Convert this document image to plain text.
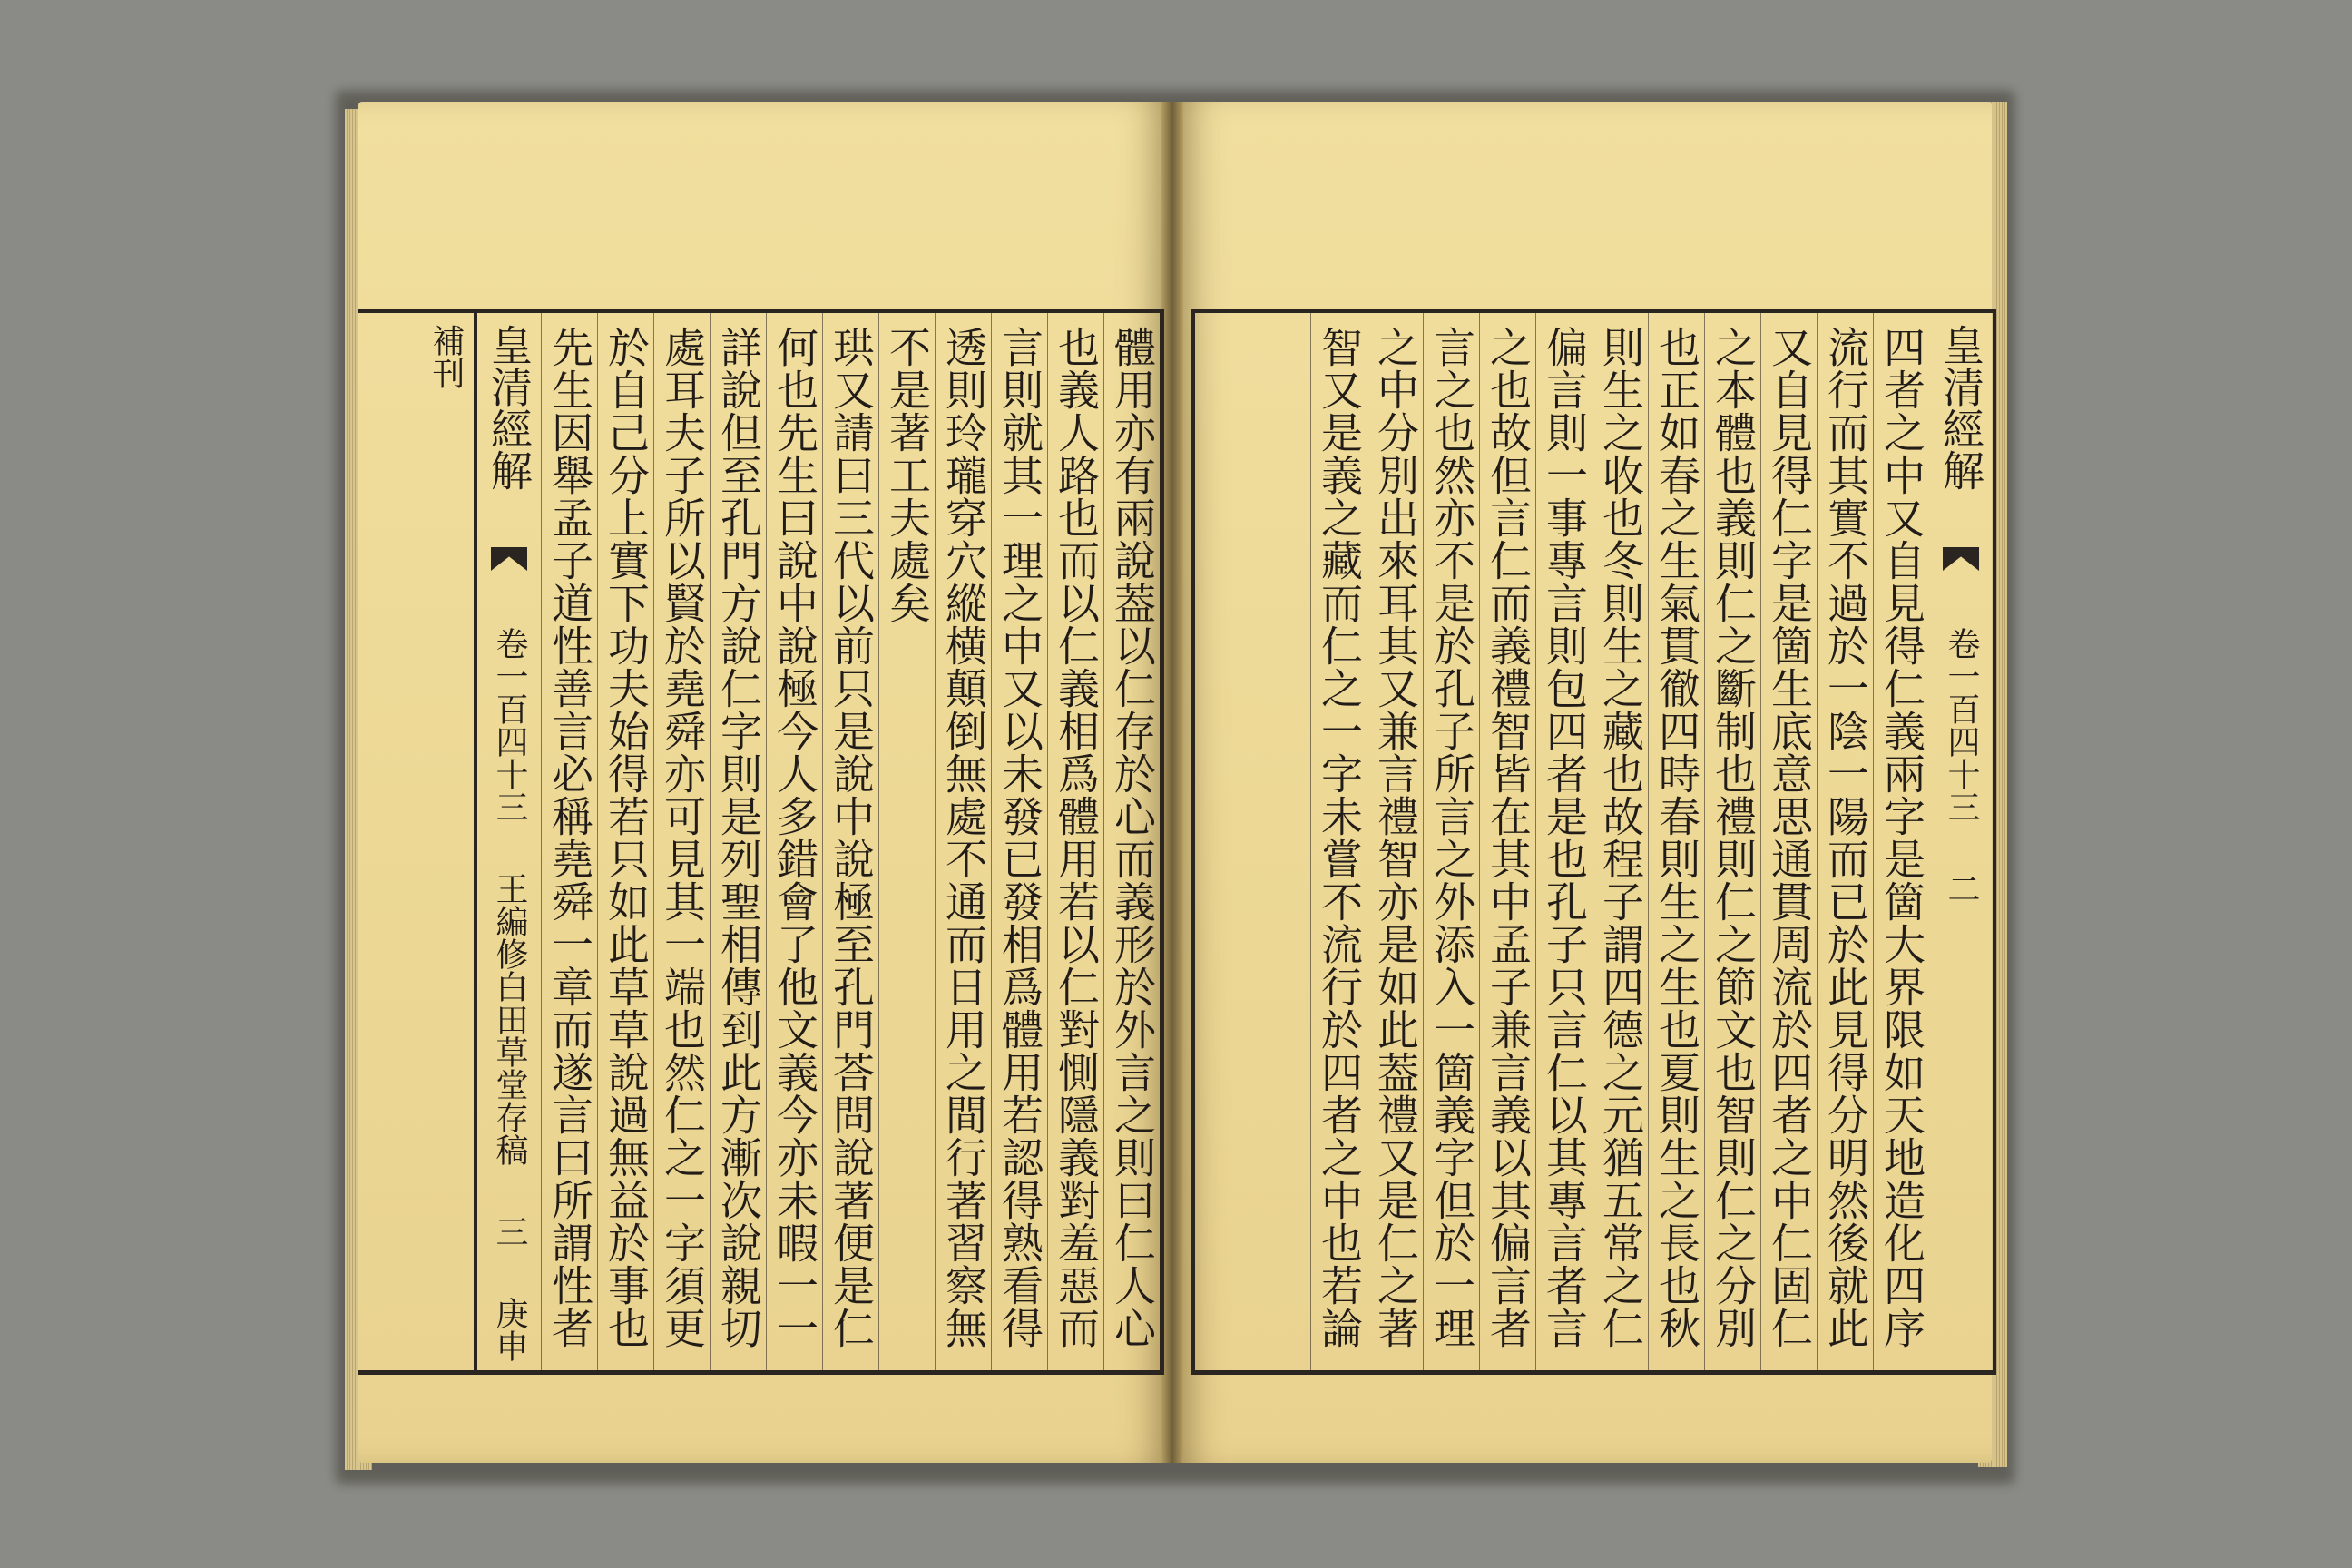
體用亦有兩說葢以仁存於心而義形於外言之則曰仁人心
也義人路也而以仁義相爲體用若以仁對惻隱義對羞惡而
言則就其一理之中又以未發已發相爲體用若認得熟看得
透則玲瓏穿穴縱横顛倒無處不通而日用之間行著習察無
不是著工夫處矣
珙又請曰三代以前只是說中說極至孔門荅問說著便是仁
何也先生曰說中說極今人多錯會了他文義今亦未暇一一
詳說但至孔門方說仁字則是列聖相傳到此方漸次說親切
處耳夫子所以賢於堯舜亦可見其一端也然仁之一字須更
於自己分上實下功夫始得若只如此草草說過無益於事也
先生因舉孟子道性善言必稱堯舜一章而遂言曰所謂性者
皇清經解  卷一百四十三 王編修白田草堂存稿 三 庚申補刊	皇清經解  卷一百四十三 二
四者之中又自見得仁義兩字是箇大界限如天地造化四序
流行而其實不過於一陰一陽而已於此見得分明然後就此
又自見得仁字是箇生底意思通貫周流於四者之中仁固仁
之本體也義則仁之斷制也禮則仁之節文也智則仁之分別
也正如春之生氣貫徹四時春則生之生也夏則生之長也秋
則生之收也冬則生之藏也故程子謂四德之元猶五常之仁
偏言則一事專言則包四者是也孔子只言仁以其專言者言
之也故但言仁而義禮智皆在其中孟子兼言義以其偏言者
言之也然亦不是於孔子所言之外添入一箇義字但於一理
之中分別出來耳其又兼言禮智亦是如此葢禮又是仁之著
智又是義之藏而仁之一字未嘗不流行於四者之中也若論
